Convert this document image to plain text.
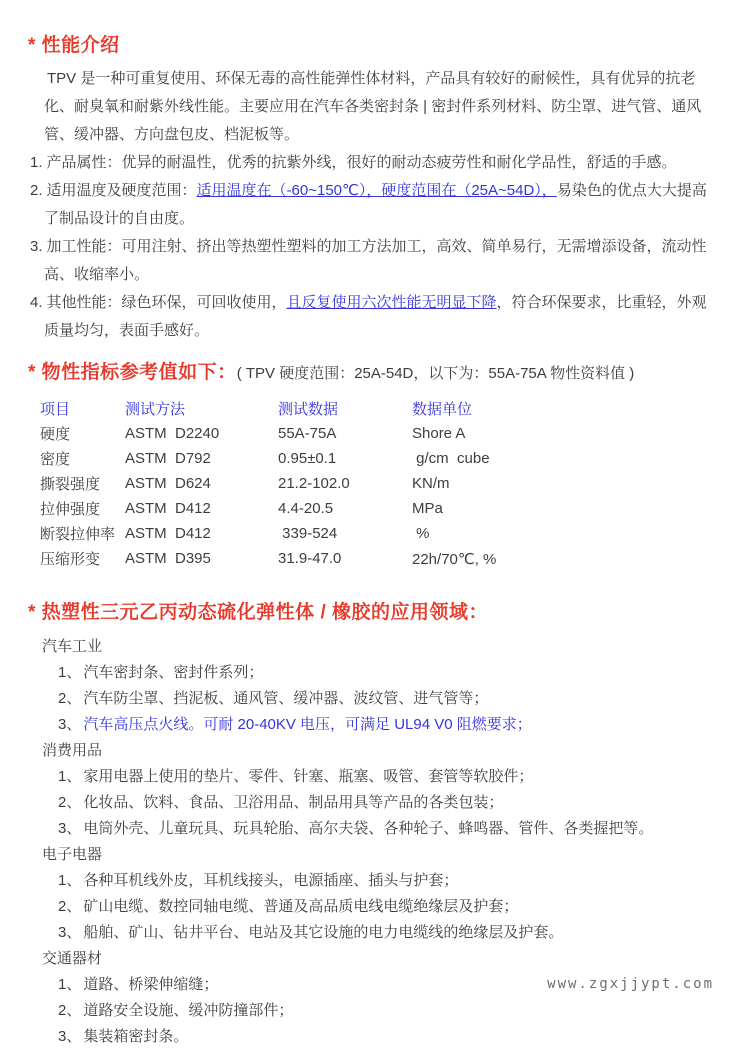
* 性能介绍

TPV 是一种可重复使用、环保无毒的高性能弹性体材料，产品具有较好的耐候性，具有优异的抗老化、耐臭氧和耐紫外线性能。主要应用在汽车各类密封条 | 密封件系列材料、防尘罩、进气管、通风管、缓冲器、方向盘包皮、档泥板等。

1. 产品属性：优异的耐温性，优秀的抗紫外线，很好的耐动态疲劳性和耐化学品性，舒适的手感。
2. 适用温度及硬度范围：适用温度在（-60~150℃），硬度范围在（25A~54D），易染色的优点大大提高了制品设计的自由度。
3. 加工性能：可用注射、挤出等热塑性塑料的加工方法加工，高效、简单易行，无需增添设备，流动性高、收缩率小。
4. 其他性能：绿色环保，可回收使用，且反复使用六次性能无明显下降，符合环保要求，比重轻，外观质量均匀，表面手感好。
* 物性指标参考值如下：( TPV 硬度范围：25A-54D，以下为：55A-75A 物性资料值 )
项目	测试方法	测试数据	数据单位
硬度	ASTM  D2240	55A-75A	Shore A
密度	ASTM  D792	0.95±0.1	g/cm  cube
撕裂强度	ASTM  D624	21.2-102.0	KN/m
拉伸强度	ASTM  D412	4.4-20.5	MPa
断裂拉伸率	ASTM  D412	339-524	%
压缩形变	ASTM  D395	31.9-47.0	22h/70℃, %
* 热塑性三元乙丙动态硫化弹性体 / 橡胶的应用领域：
汽车工业
1、 汽车密封条、密封件系列；
2、 汽车防尘罩、挡泥板、通风管、缓冲器、波纹管、进气管等；
3、 汽车高压点火线。可耐 20-40KV 电压，可满足 UL94 V0 阻燃要求；
消费用品
1、 家用电器上使用的垫片、零件、针塞、瓶塞、吸管、套管等软胶件；
2、 化妆品、饮料、食品、卫浴用品、制品用具等产品的各类包装；
3、 电筒外壳、儿童玩具、玩具轮胎、高尔夫袋、各种轮子、蜂鸣器、管件、各类握把等。
电子电器
1、 各种耳机线外皮，耳机线接头，电源插座、插头与护套；
2、 矿山电缆、数控同轴电缆、普通及高品质电线电缆绝缘层及护套；
3、 船舶、矿山、钻井平台、电站及其它设施的电力电缆线的绝缘层及护套。
交通器材
1、 道路、桥梁伸缩缝；
2、 道路安全设施、缓冲防撞部件；
3、 集装箱密封条。
www.zgxjjypt.com
